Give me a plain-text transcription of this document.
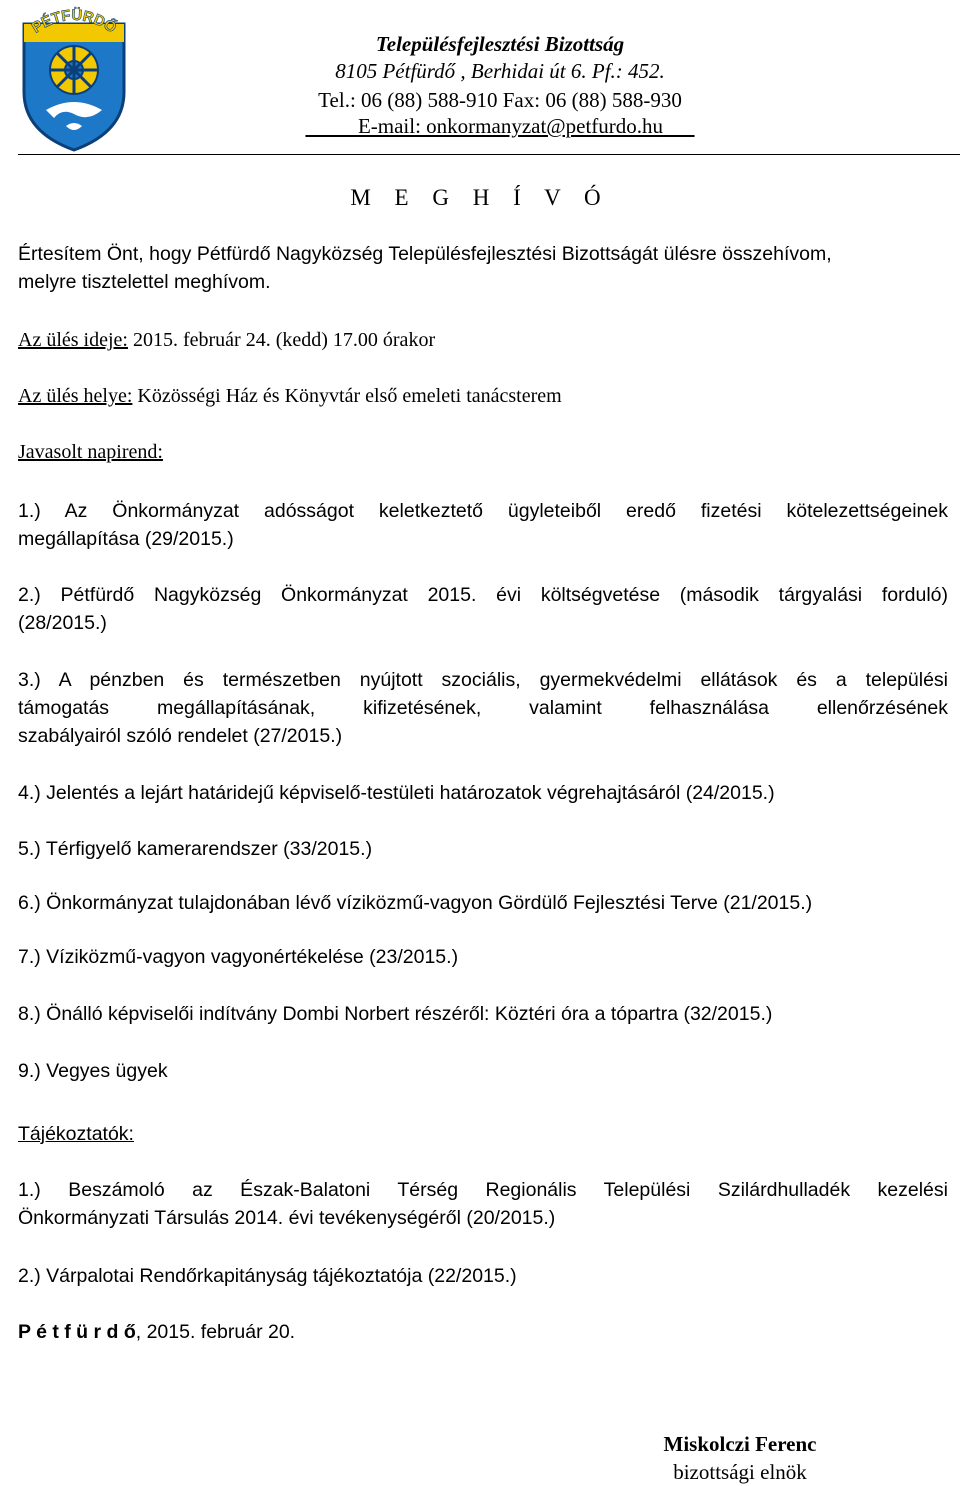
PÉTFÜRDŐ
Településfejlesztési Bizottság
8105 Pétfürdő , Berhidai út 6. Pf.: 452.
Tel.: 06 (88) 588-910 Fax: 06 (88) 588-930
E-mail: onkormanyzat@petfurdo.hu
M E G H Í V Ó
Értesítem Önt, hogy Pétfürdő Nagyközség Településfejlesztési Bizottságát ülésre összehívom,
melyre tisztelettel meghívom.
Az ülés ideje: 2015. február 24. (kedd) 17.00 órakor
Az ülés helye: Közösségi Ház és Könyvtár első emeleti tanácsterem
Javasolt napirend:
1.) Az Önkormányzat adósságot keletkeztető ügyleteiből eredő fizetési kötelezettségeinek
megállapítása (29/2015.)
2.) Pétfürdő Nagyközség Önkormányzat 2015. évi költségvetése (második tárgyalási forduló)
(28/2015.)
3.) A pénzben és természetben nyújtott szociális, gyermekvédelmi ellátások és a települési
támogatás megállapításának, kifizetésének, valamint felhasználása ellenőrzésének
szabályairól szóló rendelet (27/2015.)
4.) Jelentés a lejárt határidejű képviselő-testületi határozatok végrehajtásáról (24/2015.)
5.) Térfigyelő kamerarendszer (33/2015.)
6.) Önkormányzat tulajdonában lévő víziközmű-vagyon Gördülő Fejlesztési Terve (21/2015.)
7.) Víziközmű-vagyon vagyonértékelése (23/2015.)
8.) Önálló képviselői indítvány Dombi Norbert részéről: Köztéri óra a tópartra (32/2015.)
9.) Vegyes ügyek
Tájékoztatók:
1.) Beszámoló az Észak-Balatoni Térség Regionális Települési Szilárdhulladék kezelési
Önkormányzati Társulás 2014. évi tevékenységéről (20/2015.)
2.) Várpalotai Rendőrkapitányság tájékoztatója (22/2015.)
P é t f ü r d ő, 2015. február 20.
Miskolczi Ferenc
bizottsági elnök
